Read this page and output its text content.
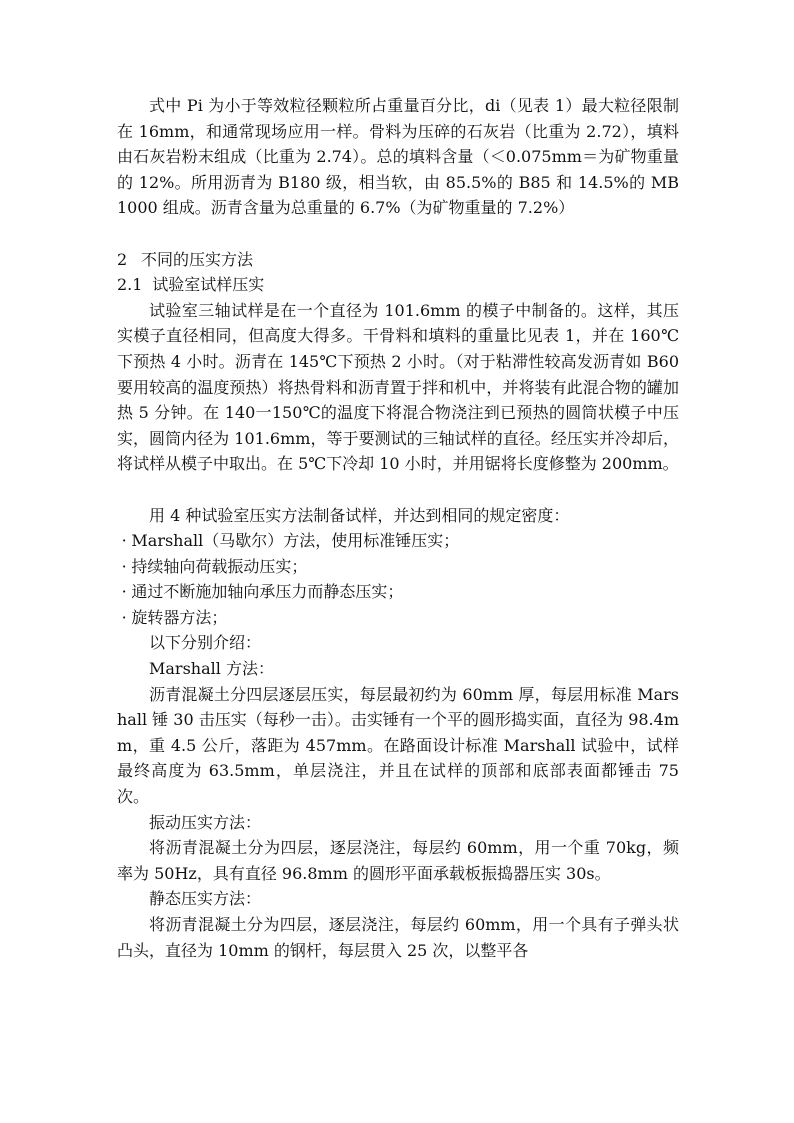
式中 Pi 为小于等效粒径颗粒所占重量百分比，di（见表 1）最大粒径限制在 16mm，和通常现场应用一样。骨料为压碎的石灰岩（比重为 2.72），填料由石灰岩粉末组成（比重为 2.74）。总的填料含量（＜0.075mm＝为矿物重量的 12%。所用沥青为 B180 级，相当软，由 85.5%的 B85 和 14.5%的 MB1000 组成。沥青含量为总重量的 6.7%（为矿物重量的 7.2%）

2 不同的压实方法

2.1 试验室试样压实

试验室三轴试样是在一个直径为 101.6mm 的模子中制备的。这样，其压实模子直径相同，但高度大得多。干骨料和填料的重量比见表 1，并在 160℃下预热 4 小时。沥青在 145℃下预热 2 小时。（对于粘滞性较高发沥青如 B60 要用较高的温度预热）将热骨料和沥青置于拌和机中，并将装有此混合物的罐加热 5 分钟。在 140一150℃的温度下将混合物浇注到已预热的圆筒状模子中压实，圆筒内径为 101.6mm，等于要测试的三轴试样的直径。经压实并冷却后，将试样从模子中取出。在 5℃下冷却 10 小时，并用锯将长度修整为 200mm。

用 4 种试验室压实方法制备试样，并达到相同的规定密度：

· Marshall（马歇尔）方法，使用标准锤压实；
· 持续轴向荷载振动压实；
· 通过不断施加轴向承压力而静态压实；
· 旋转器方法；

以下分别介绍：

Marshall 方法：

沥青混凝土分四层逐层压实，每层最初约为 60mm 厚，每层用标准 Marshall 锤 30 击压实（每秒一击）。击实锤有一个平的圆形捣实面，直径为 98.4mm，重 4.5 公斤，落距为 457mm。在路面设计标准 Marshall 试验中，试样最终高度为 63.5mm，单层浇注，并且在试样的顶部和底部表面都锤击 75 次。

振动压实方法：

将沥青混凝土分为四层，逐层浇注，每层约 60mm，用一个重 70kg，频率为 50Hz，具有直径 96.8mm 的圆形平面承载板振捣器压实 30s。

静态压实方法：

将沥青混凝土分为四层，逐层浇注，每层约 60mm，用一个具有子弹头状凸头，直径为 10mm 的钢杆，每层贯入 25 次，以整平各
